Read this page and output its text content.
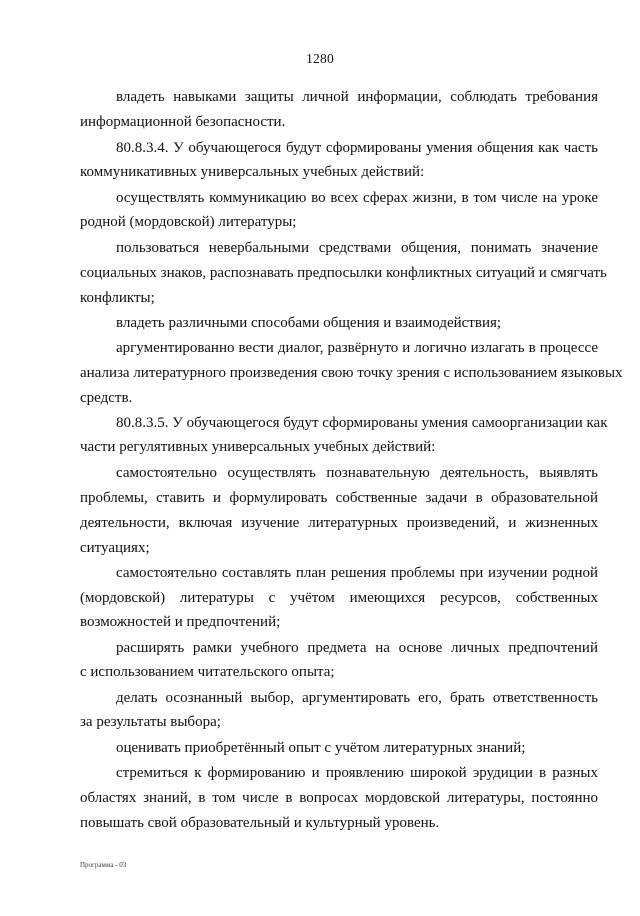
1280
владеть навыками защиты личной информации, соблюдать требования
информационной безопасности.
80.8.3.4. У обучающегося будут сформированы умения общения как часть
коммуникативных универсальных учебных действий:
осуществлять коммуникацию во всех сферах жизни, в том числе на уроке
родной (мордовской) литературы;
пользоваться невербальными средствами общения, понимать значение
социальных знаков, распознавать предпосылки конфликтных ситуаций и смягчать
конфликты;
владеть различными способами общения и взаимодействия;
аргументированно вести диалог, развёрнуто и логично излагать в процессе
анализа литературного произведения свою точку зрения с использованием языковых
средств.
80.8.3.5. У обучающегося будут сформированы умения самоорганизации как
части регулятивных универсальных учебных действий:
самостоятельно осуществлять познавательную деятельность, выявлять
проблемы, ставить и формулировать собственные задачи в образовательной
деятельности, включая изучение литературных произведений, и жизненных
ситуациях;
самостоятельно составлять план решения проблемы при изучении родной
(мордовской) литературы с учётом имеющихся ресурсов, собственных
возможностей и предпочтений;
расширять рамки учебного предмета на основе личных предпочтений
с использованием читательского опыта;
делать осознанный выбор, аргументировать его, брать ответственность
за результаты выбора;
оценивать приобретённый опыт с учётом литературных знаний;
стремиться к формированию и проявлению широкой эрудиции в разных
областях знаний, в том числе в вопросах мордовской литературы, постоянно
повышать свой образовательный и культурный уровень.
Программа - 03
